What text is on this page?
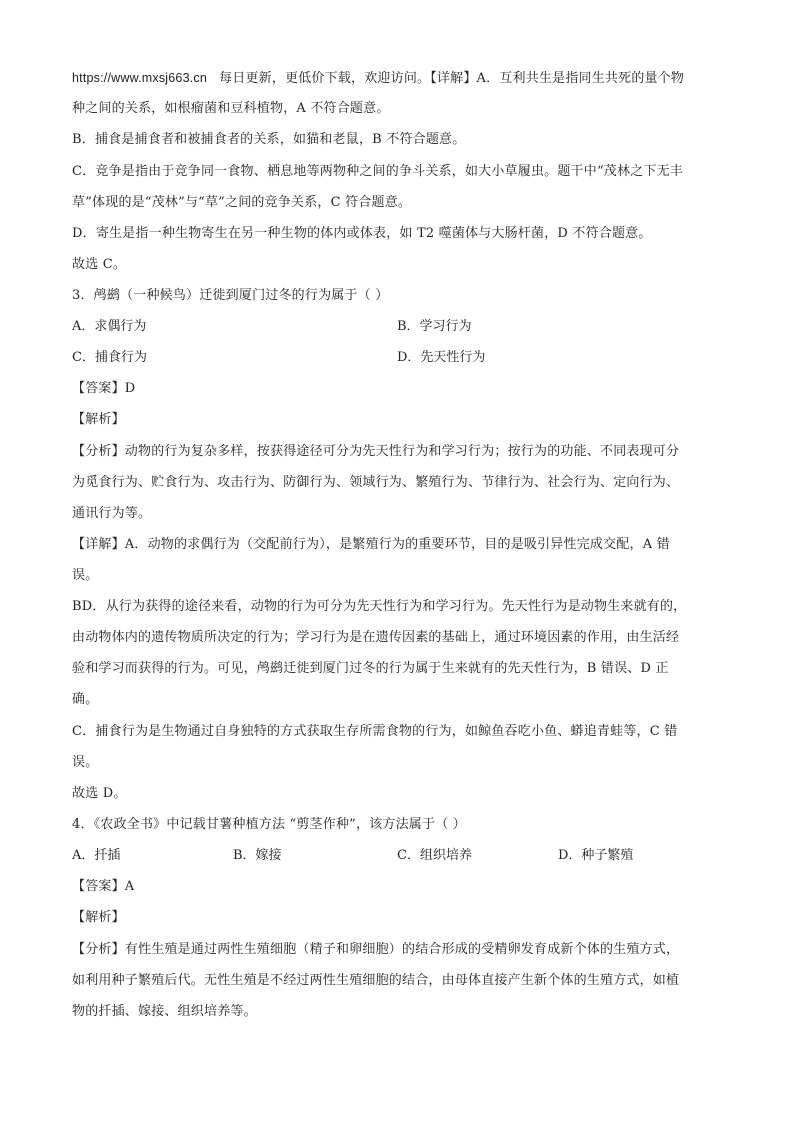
https://www.mxsj663.cn 每日更新，更低价下载，欢迎访问。【详解】A．互利共生是指同生共死的量个物
种之间的关系，如根瘤菌和豆科植物，A 不符合题意。
B．捕食是捕食者和被捕食者的关系，如猫和老鼠，B 不符合题意。
C．竞争是指由于竞争同一食物、栖息地等两物种之间的争斗关系，如大小草履虫。题干中“茂林之下无丰
草”体现的是“茂林”与“草”之间的竞争关系，C 符合题意。
D．寄生是指一种生物寄生在另一种生物的体内或体表，如 T2 噬菌体与大肠杆菌，D 不符合题意。
故选 C。
3．鸬鹚（一种候鸟）迁徙到厦门过冬的行为属于（ ）
A．求偶行为	B．学习行为
C．捕食行为	D．先天性行为
【答案】D
【解析】
【分析】动物的行为复杂多样，按获得途径可分为先天性行为和学习行为；按行为的功能、不同表现可分
为觅食行为、贮食行为、攻击行为、防御行为、领域行为、繁殖行为、节律行为、社会行为、定向行为、
通讯行为等。
【详解】A．动物的求偶行为（交配前行为），是繁殖行为的重要环节，目的是吸引异性完成交配，A 错
误。
BD．从行为获得的途径来看，动物的行为可分为先天性行为和学习行为。先天性行为是动物生来就有的，
由动物体内的遗传物质所决定的行为；学习行为是在遗传因素的基础上，通过环境因素的作用，由生活经
验和学习而获得的行为。可见，鸬鹚迁徙到厦门过冬的行为属于生来就有的先天性行为，B 错误、D 正
确。
C．捕食行为是生物通过自身独特的方式获取生存所需食物的行为，如鲸鱼吞吃小鱼、蟒追青蛙等，C 错
误。
故选 D。
4．《农政全书》中记载甘薯种植方法 “剪茎作种”，该方法属于（ ）
A．扦插	B．嫁接	C．组织培养	D．种子繁殖
【答案】A
【解析】
【分析】有性生殖是通过两性生殖细胞（精子和卵细胞）的结合形成的受精卵发育成新个体的生殖方式，
如利用种子繁殖后代。无性生殖是不经过两性生殖细胞的结合，由母体直接产生新个体的生殖方式，如植
物的扦插、嫁接、组织培养等。
